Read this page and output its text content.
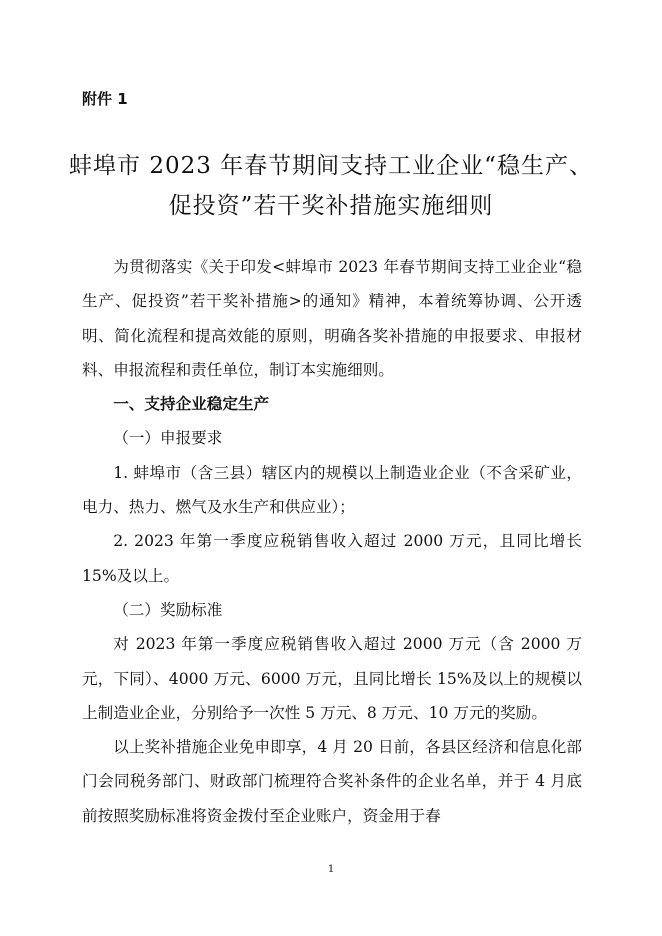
附件 1
蚌埠市 2023 年春节期间支持工业企业“稳生产、
促投资”若干奖补措施实施细则

为贯彻落实《关于印发<蚌埠市 2023 年春节期间支持工业企业“稳生产、促投资”若干奖补措施>的通知》精神，本着统筹协调、公开透明、简化流程和提高效能的原则，明确各奖补措施的申报要求、申报材料、申报流程和责任单位，制订本实施细则。

一、支持企业稳定生产

（一）申报要求

1. 蚌埠市（含三县）辖区内的规模以上制造业企业（不含采矿业，电力、热力、燃气及水生产和供应业）；

2. 2023 年第一季度应税销售收入超过 2000 万元，且同比增长 15%及以上。

（二）奖励标准

对 2023 年第一季度应税销售收入超过 2000 万元（含 2000 万元，下同）、4000 万元、6000 万元，且同比增长 15%及以上的规模以上制造业企业，分别给予一次性 5 万元、8 万元、10 万元的奖励。

以上奖补措施企业免申即享，4 月 20 日前，各县区经济和信息化部门会同税务部门、财政部门梳理符合奖补条件的企业名单，并于 4 月底前按照奖励标准将资金拨付至企业账户，资金用于春

1
